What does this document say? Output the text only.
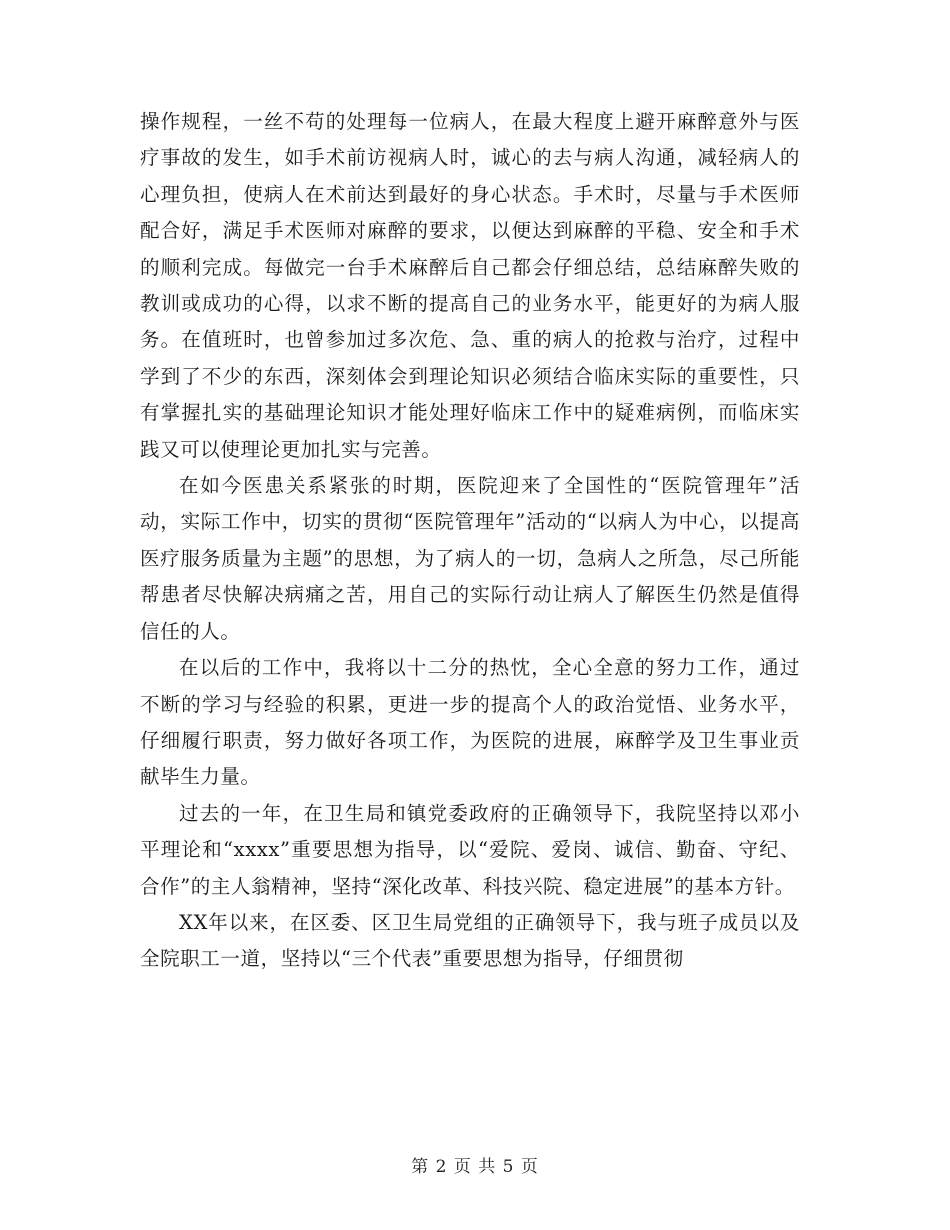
操作规程，一丝不苟的处理每一位病人，在最大程度上避开麻醉意外与医疗事故的发生，如手术前访视病人时，诚心的去与病人沟通，减轻病人的心理负担，使病人在术前达到最好的身心状态。手术时，尽量与手术医师配合好，满足手术医师对麻醉的要求，以便达到麻醉的平稳、安全和手术的顺利完成。每做完一台手术麻醉后自己都会仔细总结，总结麻醉失败的教训或成功的心得，以求不断的提高自己的业务水平，能更好的为病人服务。在值班时，也曾参加过多次危、急、重的病人的抢救与治疗，过程中学到了不少的东西，深刻体会到理论知识必须结合临床实际的重要性，只有掌握扎实的基础理论知识才能处理好临床工作中的疑难病例，而临床实践又可以使理论更加扎实与完善。

在如今医患关系紧张的时期，医院迎来了全国性的“医院管理年”活动，实际工作中，切实的贯彻“医院管理年”活动的“以病人为中心，以提高医疗服务质量为主题”的思想，为了病人的一切，急病人之所急，尽己所能帮患者尽快解决病痛之苦，用自己的实际行动让病人了解医生仍然是值得信任的人。

在以后的工作中，我将以十二分的热忱，全心全意的努力工作，通过不断的学习与经验的积累，更进一步的提高个人的政治觉悟、业务水平，仔细履行职责，努力做好各项工作，为医院的进展，麻醉学及卫生事业贡献毕生力量。

过去的一年，在卫生局和镇党委政府的正确领导下，我院坚持以邓小平理论和“xxxx”重要思想为指导，以“爱院、爱岗、诚信、勤奋、守纪、合作”的主人翁精神，坚持“深化改革、科技兴院、稳定进展”的基本方针。

XX年以来，在区委、区卫生局党组的正确领导下，我与班子成员以及全院职工一道，坚持以“三个代表”重要思想为指导，仔细贯彻

第 2 页 共 5 页
